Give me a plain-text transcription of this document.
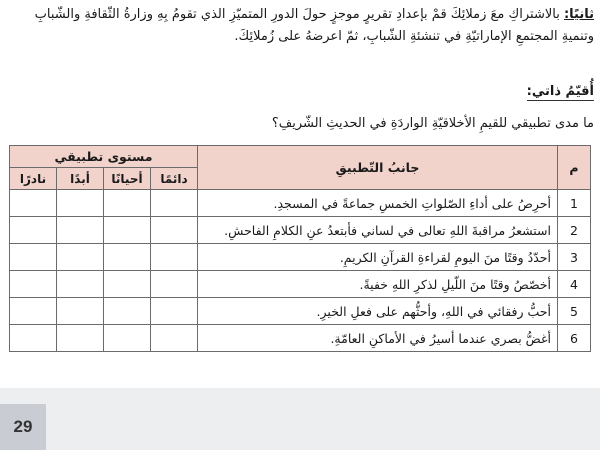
ثانيًا: بالاشتراكِ معَ زملائِكَ قمْ بإعدادِ تقريرٍ موجزٍ حولَ الدورِ المتميّزِ الذي تقومُ بِهِ وزارةُ الثّقافةِ والشّبابِ وتنميةِ المجتمعِ الإماراتيّةِ في تنشئةِ الشّبابِ، ثمّ اعرضهُ على زُملائِكَ.
أُقيّمُ ذاتي:
ما مدى تطبيقي للقيمِ الأخلاقيّةِ الواردَةِ في الحديثِ الشّريفِ؟
م	جانبُ التّطبيقِ	مستوى تطبيقي			
		دائمًا	أحيانًا	أبدًا	نادرًا
1	أحرِصُ على أداءِ الصّلواتِ الخمسِ جماعةً في المسجدِ.				
2	استشعرُ مراقبةَ اللهِ تعالى في لساني فأبتعدُ عنِ الكلامِ الفاحشِ.				
3	أحدّدُ وقتًا منَ اليومِ لقراءةِ القرآنِ الكريمِ.				
4	أخصّصُ وقتًا منَ اللّيلِ لذكرِ اللهِ خفيةً.				
5	أحبُّ رفقائي في اللهِ، وأحثُّهم على فعلِ الخيرِ.				
6	أغضُّ بصري عندما أسيرُ في الأماكنِ العامّةِ.				
29
